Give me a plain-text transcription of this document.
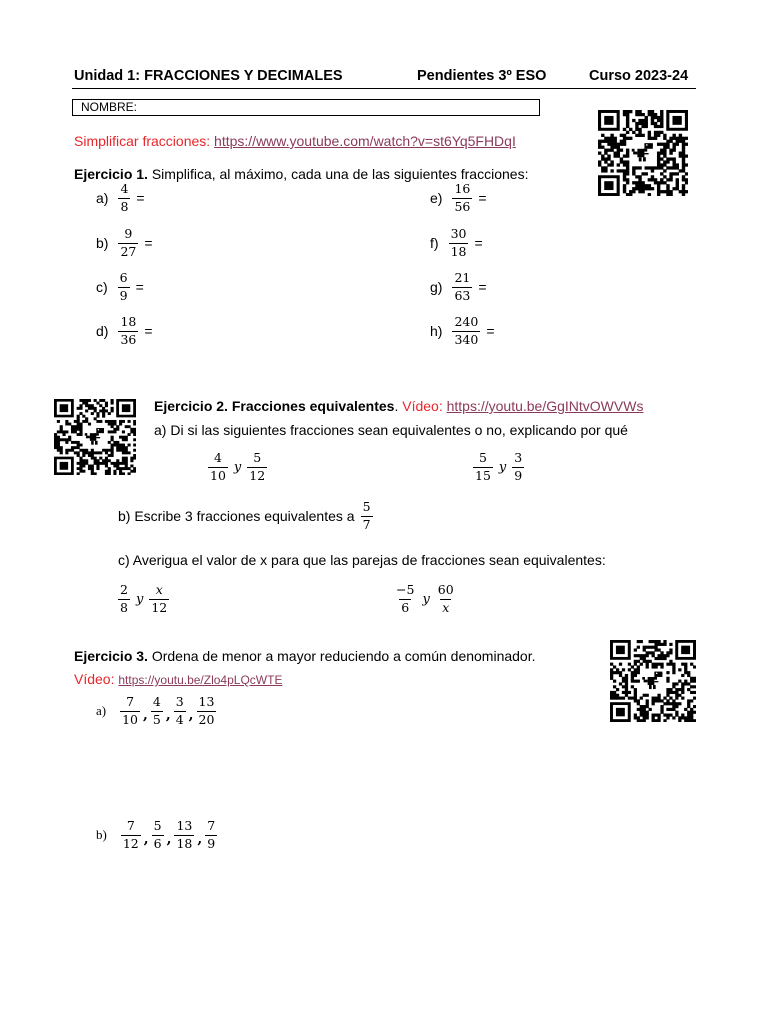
Unidad 1: FRACCIONES Y DECIMALES	Pendientes 3º ESO	Curso 2023-24
NOMBRE:
Simplificar fracciones: https://www.youtube.com/watch?v=st6Yq5FHDqI
Ejercicio 1. Simplifica, al máximo, cada una de las siguientes fracciones:
$a) \frac{4}{8}$ =
$b) \frac{9}{27}$ =
$c) \frac{6}{9}$ =
$d) \frac{18}{36}$ =
$e) \frac{16}{56}$ =
$f) \frac{30}{18}$ =
$g) \frac{21}{63}$ =
$h) \frac{240}{340}$ =
Ejercicio 2. Fracciones equivalentes. Vídeo: https://youtu.be/GgINtvOWVWs
a) Di si las siguientes fracciones sean equivalentes o no, explicando por qué
$\frac{4}{10}$ y $\frac{5}{12}$	$\frac{5}{15}$ y $\frac{3}{9}$
b) Escribe 3 fracciones equivalentes a $\frac{5}{7}$
c) Averigua el valor de x para que las parejas de fracciones sean equivalentes:
$\frac{2}{8}$ y $\frac{x}{12}$	$\frac{-5}{6}$ y $\frac{60}{x}$
Ejercicio 3. Ordena de menor a mayor reduciendo a común denominador.
Vídeo: https://youtu.be/Zlo4pLQcWTE
$a) \frac{7}{10}$ , $\frac{4}{5}$ , $\frac{3}{4}$ , $\frac{13}{20}$
$b) \frac{7}{12}$ , $\frac{5}{6}$ , $\frac{13}{18}$ , $\frac{7}{9}$
